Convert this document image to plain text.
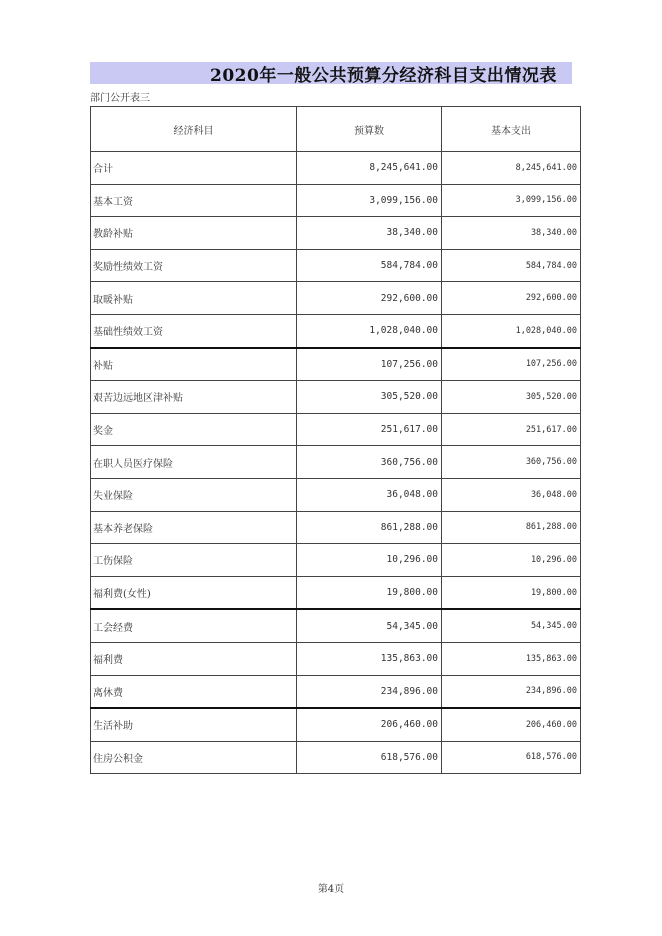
2020年一般公共预算分经济科目支出情况表
部门公开表三
经济科目	预算数	基本支出
合计	8,245,641.00	8,245,641.00
基本工资	3,099,156.00	3,099,156.00
教龄补贴	38,340.00	38,340.00
奖励性绩效工资	584,784.00	584,784.00
取暖补贴	292,600.00	292,600.00
基础性绩效工资	1,028,040.00	1,028,040.00
补贴	107,256.00	107,256.00
艰苦边远地区津补贴	305,520.00	305,520.00
奖金	251,617.00	251,617.00
在职人员医疗保险	360,756.00	360,756.00
失业保险	36,048.00	36,048.00
基本养老保险	861,288.00	861,288.00
工伤保险	10,296.00	10,296.00
福利费(女性)	19,800.00	19,800.00
工会经费	54,345.00	54,345.00
福利费	135,863.00	135,863.00
离休费	234,896.00	234,896.00
生活补助	206,460.00	206,460.00
住房公积金	618,576.00	618,576.00
第4页
